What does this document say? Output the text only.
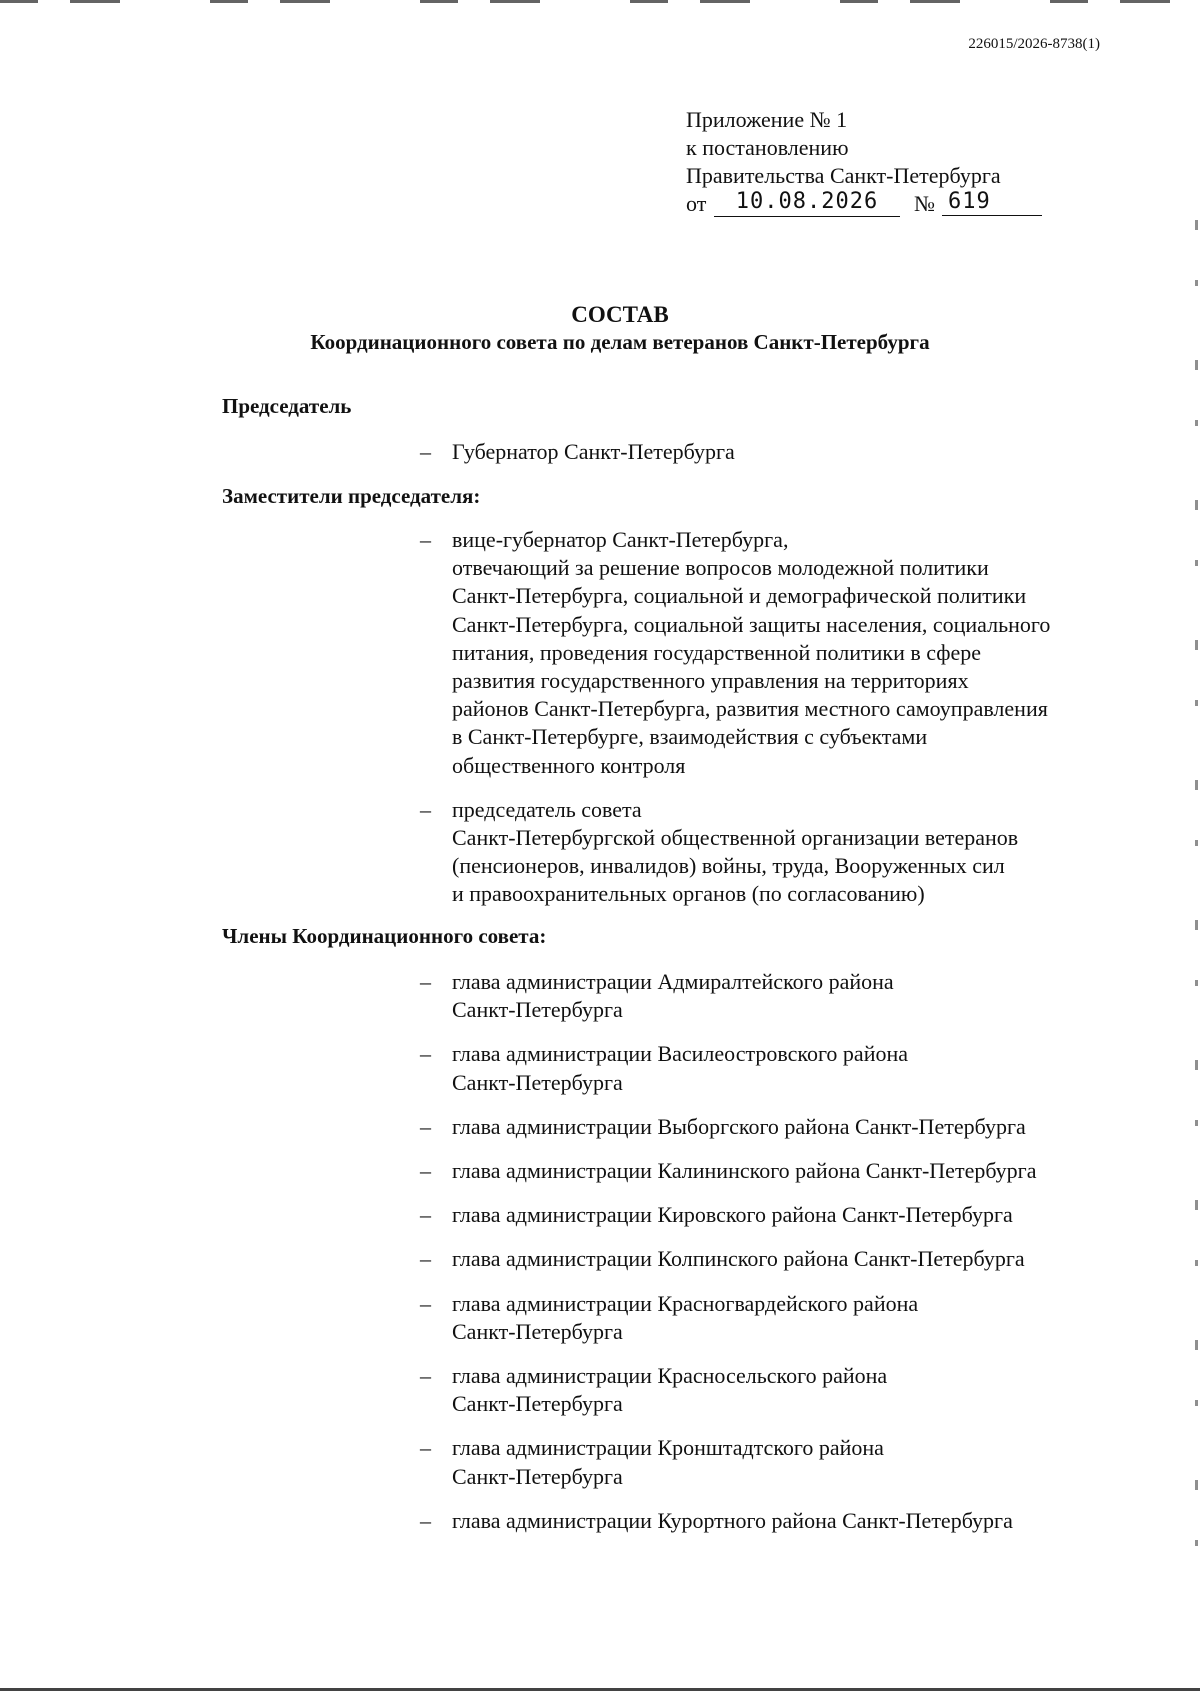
226015/2026-8738(1)
Приложение № 1
к постановлению
Правительства Санкт-Петербурга
от	10.08.2026	№ 619
СОСТАВ
Координационного совета по делам ветеранов Санкт-Петербурга
Председатель
– Губернатор Санкт-Петербурга
Заместители председателя:
– вице-губернатор Санкт-Петербурга,
отвечающий за решение вопросов молодежной политики
Санкт-Петербурга, социальной и демографической политики
Санкт-Петербурга, социальной защиты населения, социального
питания, проведения государственной политики в сфере
развития государственного управления на территориях
районов Санкт-Петербурга, развития местного самоуправления
в Санкт-Петербурге, взаимодействия с субъектами
общественного контроля
– председатель совета
Санкт-Петербургской общественной организации ветеранов
(пенсионеров, инвалидов) войны, труда, Вооруженных сил
и правоохранительных органов (по согласованию)
Члены Координационного совета:
– глава администрации Адмиралтейского района
Санкт-Петербурга
– глава администрации Василеостровского района
Санкт-Петербурга
– глава администрации Выборгского района Санкт-Петербурга
– глава администрации Калининского района Санкт-Петербурга
– глава администрации Кировского района Санкт-Петербурга
– глава администрации Колпинского района Санкт-Петербурга
– глава администрации Красногвардейского района
Санкт-Петербурга
– глава администрации Красносельского района
Санкт-Петербурга
– глава администрации Кронштадтского района
Санкт-Петербурга
– глава администрации Курортного района Санкт-Петербурга
